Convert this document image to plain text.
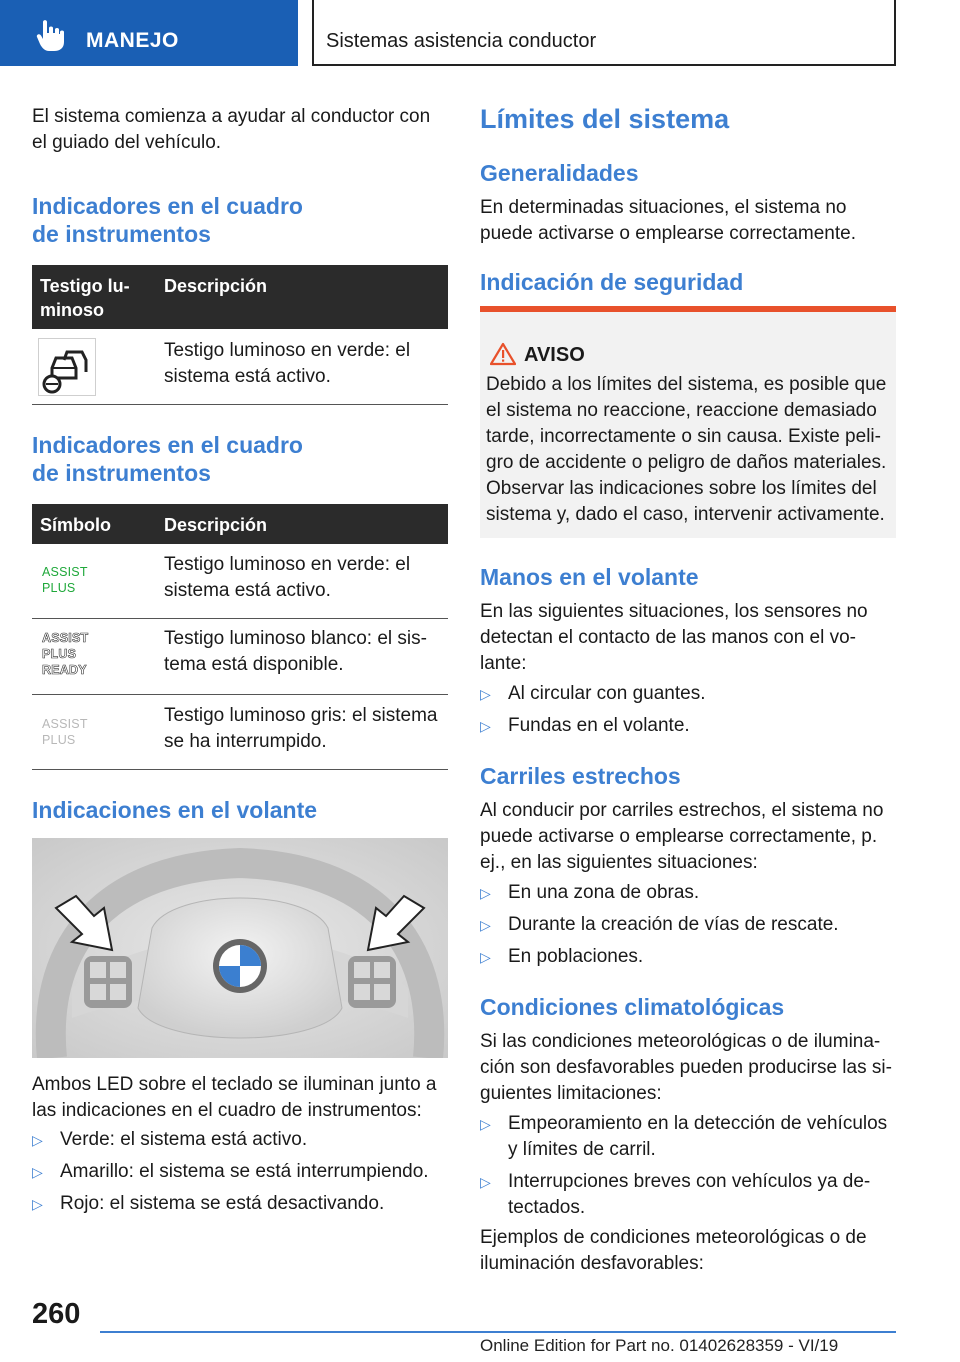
MANEJO	Sistemas asistencia conductor

El sistema comienza a ayudar al conductor con el guiado del vehículo.

Indicadores en el cuadro de instrumentos
Testigo lu-minoso
Descripción
Testigo luminoso en verde: el sistema está activo.
Indicadores en el cuadro de instrumentos
Símbolo	Descripción
ASSIST PLUS
Testigo luminoso en verde: el sistema está activo.
ASSIST PLUS READY
Testigo luminoso blanco: el sis-tema está disponible.
ASSIST PLUS
Testigo luminoso gris: el sistema se ha interrumpido.
Indicaciones en el volante

Ambos LED sobre el teclado se iluminan junto a las indicaciones en el cuadro de instrumentos:

▷ Verde: el sistema está activo.
▷ Amarillo: el sistema se está interrumpiendo.
▷ Rojo: el sistema se está desactivando.
Límites del sistema
Generalidades

En determinadas situaciones, el sistema no puede activarse o emplearse correctamente.

Indicación de seguridad
AVISO

Debido a los límites del sistema, es posible que el sistema no reaccione, reaccione demasiado tarde, incorrectamente o sin causa. Existe peli-gro de accidente o peligro de daños materiales. Observar las indicaciones sobre los límites del sistema y, dado el caso, intervenir activamente.

Manos en el volante

En las siguientes situaciones, los sensores no detectan el contacto de las manos con el vo-lante:

▷ Al circular con guantes.
▷ Fundas en el volante.
Carriles estrechos

Al conducir por carriles estrechos, el sistema no puede activarse o emplearse correctamente, p. ej., en las siguientes situaciones:

▷ En una zona de obras.
▷ Durante la creación de vías de rescate.
▷ En poblaciones.
Condiciones climatológicas

Si las condiciones meteorológicas o de ilumina-ción son desfavorables pueden producirse las si-guientes limitaciones:

▷ Empeoramiento en la detección de vehículos y límites de carril.
▷ Interrupciones breves con vehículos ya de-tectados.

Ejemplos de condiciones meteorológicas o de iluminación desfavorables:

260
Online Edition for Part no. 01402628359 - VI/19
